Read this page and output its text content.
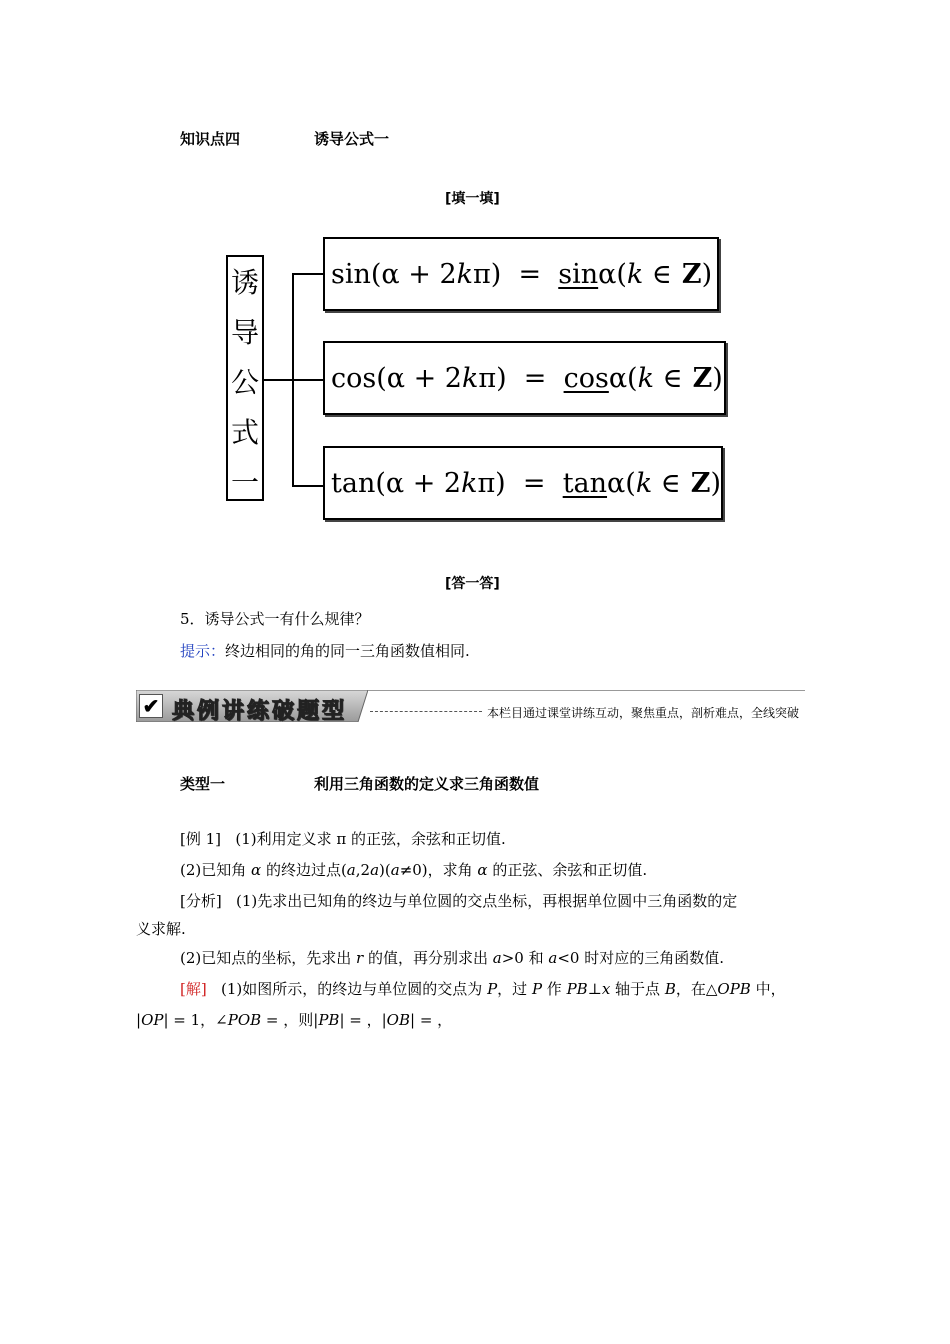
知识点四	诱导公式一
[填一填]
诱
导
公
式
一
sin (α + 2 k π)
=
sin α( k
∈ Z )
cos (α + 2 k π)
=
cos α( k
∈ Z )
tan (α + 2 k π)
=
tan α( k
∈ Z )
[答一答]
5．诱导公式一有什么规律？
提示：终边相同的角的同一三角函数值相同.
✔ 典例讲练破题型	本栏目通过课堂讲练互动，聚焦重点，剖析难点，全线突破
类型一	利用三角函数的定义求三角函数值
[例 1] (1)利用定义求 π 的正弦，余弦和正切值.
(2)已知角 α 的终边过点(a,2a)(a≠0)，求角 α 的正弦、余弦和正切值.
[分析] (1)先求出已知角的终边与单位圆的交点坐标，再根据单位圆中三角函数的定
义求解.
(2)已知点的坐标，先求出 r 的值，再分别求出 a>0 和 a<0 时对应的三角函数值.
[解] (1)如图所示，的终边与单位圆的交点为 P，过 P 作 PB⊥x 轴于点 B，在△OPB 中，
|OP| = 1，∠POB = ，则|PB| = ，|OB| = ，
